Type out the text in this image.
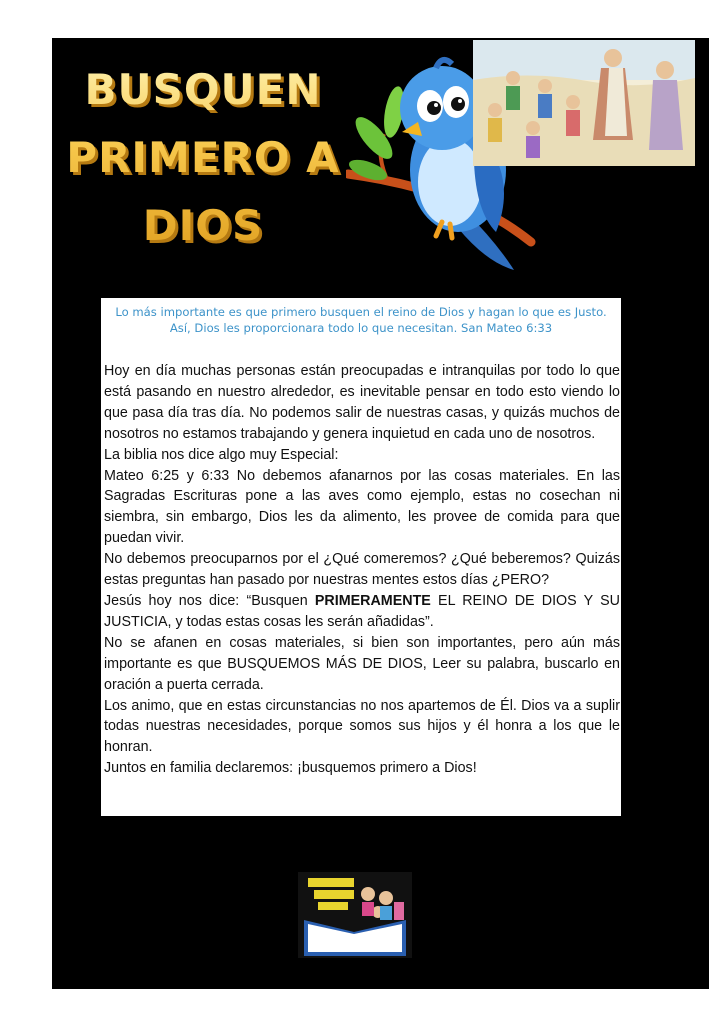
BUSQUEN
PRIMERO A
DIOS
Lo más importante es que primero busquen el reino de Dios y hagan lo que es Justo. Así, Dios les proporcionara todo lo que necesitan. San Mateo 6:33

Hoy en día muchas personas están preocupadas e intranquilas por todo lo que está pasando en nuestro alrededor, es inevitable pensar en todo esto viendo lo que pasa día tras día. No podemos salir de nuestras casas, y quizás muchos de nosotros no estamos trabajando y genera inquietud en cada uno de nosotros.

La biblia nos dice algo muy Especial:

Mateo 6:25 y 6:33 No debemos afanarnos por las cosas materiales. En las Sagradas Escrituras pone a las aves como ejemplo, estas no cosechan ni siembra, sin embargo, Dios les da alimento, les provee de comida para que puedan vivir.

No debemos preocuparnos por el ¿Qué comeremos? ¿Qué beberemos? Quizás estas preguntas han pasado por nuestras mentes estos días ¿PERO?

Jesús hoy nos dice: “Busquen PRIMERAMENTE EL REINO DE DIOS Y SU JUSTICIA, y todas estas cosas les serán añadidas”.

No se afanen en cosas materiales, si bien son importantes, pero aún más importante es que BUSQUEMOS MÁS DE DIOS, Leer su palabra, buscarlo en oración a puerta cerrada.

Los animo, que en estas circunstancias no nos apartemos de Él. Dios va a suplir todas nuestras necesidades, porque somos sus hijos y él honra a los que le honran.

Juntos en familia declaremos: ¡busquemos primero a Dios!
